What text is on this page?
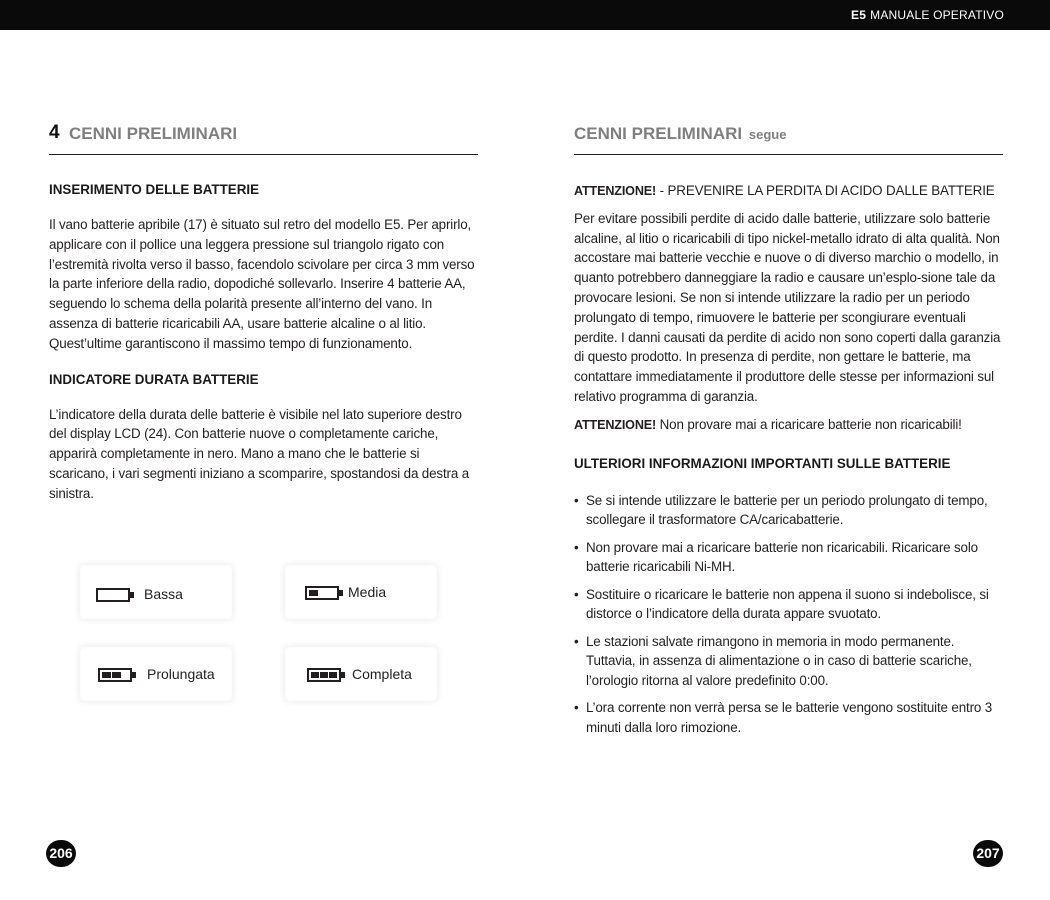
E5 MANUALE OPERATIVO
4 CENNI PRELIMINARI
INSERIMENTO DELLE BATTERIE

Il vano batterie apribile (17) è situato sul retro del modello E5. Per aprirlo, applicare con il pollice una leggera pressione sul triangolo rigato con l’estremità rivolta verso il basso, facendolo scivolare per circa 3 mm verso la parte inferiore della radio, dopodiché sollevarlo. Inserire 4 batterie AA, seguendo lo schema della polarità presente all’interno del vano. In assenza di batterie ricaricabili AA, usare batterie alcaline o al litio. Quest’ultime garantiscono il massimo tempo di funzionamento.

INDICATORE DURATA BATTERIE

L’indicatore della durata delle batterie è visibile nel lato superiore destro del display LCD (24). Con batterie nuove o completamente cariche, apparirà completamente in nero. Mano a mano che le batterie si scaricano, i vari segmenti iniziano a scomparire, spostandosi da destra a sinistra.

Bassa	Media
Prolungata	Completa
CENNI PRELIMINARI segue

ATTENZIONE! - PREVENIRE LA PERDITA DI ACIDO DALLE BATTERIE

Per evitare possibili perdite di acido dalle batterie, utilizzare solo batterie alcaline, al litio o ricaricabili di tipo nickel-metallo idrato di alta qualità. Non accostare mai batterie vecchie e nuove o di diverso marchio o modello, in quanto potrebbero danneggiare la radio e causare un’esplo-sione tale da provocare lesioni. Se non si intende utilizzare la radio per un periodo prolungato di tempo, rimuovere le batterie per scongiurare eventuali perdite. I danni causati da perdite di acido non sono coperti dalla garanzia di questo prodotto. In presenza di perdite, non gettare le batterie, ma contattare immediatamente il produttore delle stesse per informazioni sul relativo programma di garanzia.

ATTENZIONE! Non provare mai a ricaricare batterie non ricaricabili!

ULTERIORI INFORMAZIONI IMPORTANTI SULLE BATTERIE
• Se si intende utilizzare le batterie per un periodo prolungato di tempo, scollegare il trasformatore CA/caricabatterie.
• Non provare mai a ricaricare batterie non ricaricabili. Ricaricare solo batterie ricaricabili Ni-MH.
• Sostituire o ricaricare le batterie non appena il suono si indebolisce, si distorce o l’indicatore della durata appare svuotato.
• Le stazioni salvate rimangono in memoria in modo permanente. Tuttavia, in assenza di alimentazione o in caso di batterie scariche, l’orologio ritorna al valore predefinito 0:00.
• L’ora corrente non verrà persa se le batterie vengono sostituite entro 3 minuti dalla loro rimozione.
206	207
